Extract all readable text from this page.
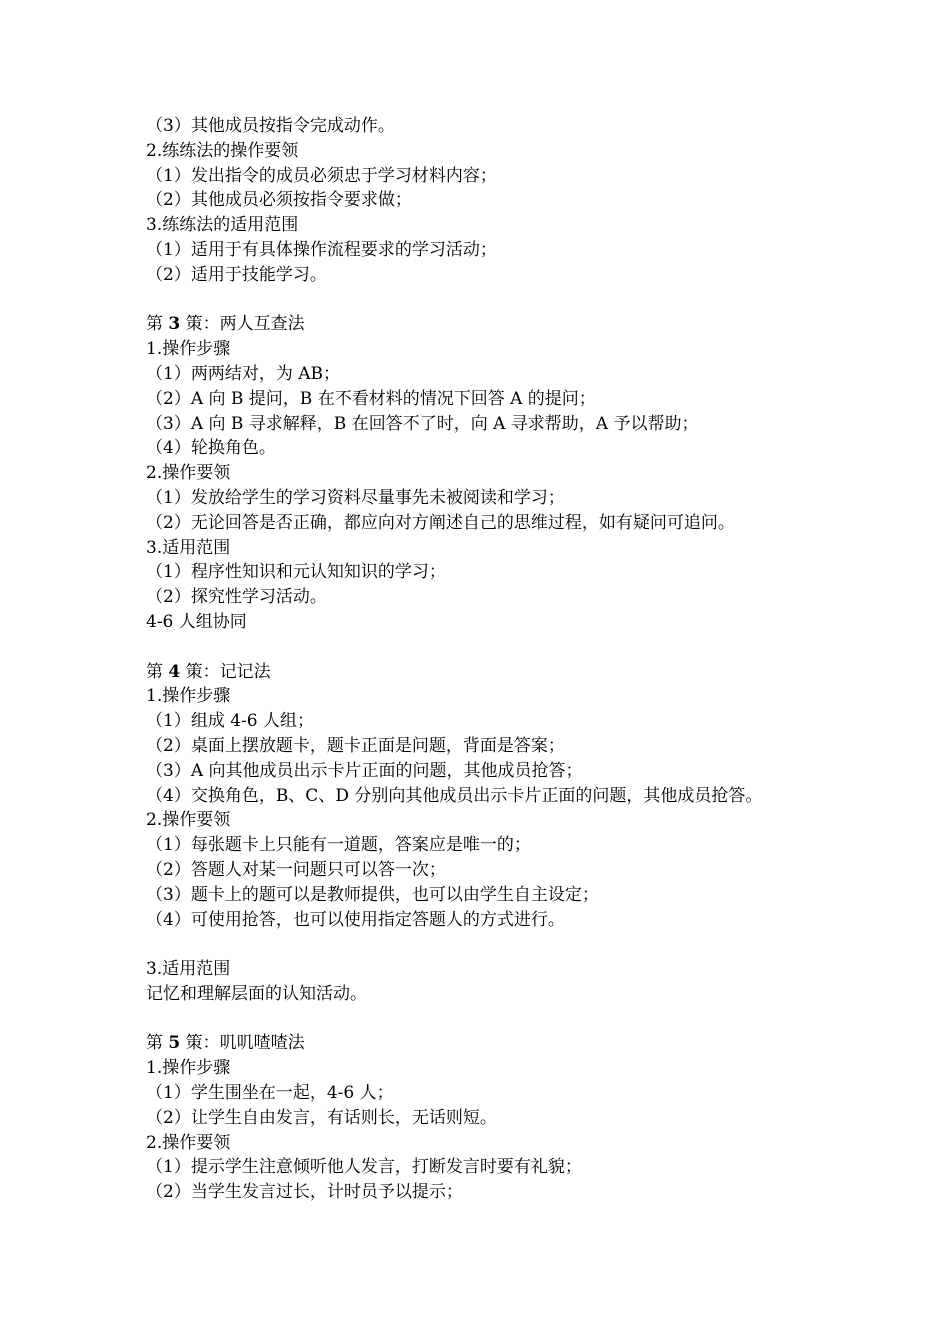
（3）其他成员按指令完成动作。
2.练练法的操作要领
（1）发出指令的成员必须忠于学习材料内容；
（2）其他成员必须按指令要求做；
3.练练法的适用范围
（1）适用于有具体操作流程要求的学习活动；
（2）适用于技能学习。
第 3 策：两人互查法
1.操作步骤
（1）两两结对，为 AB；
（2）A 向 B 提问，B 在不看材料的情况下回答 A 的提问；
（3）A 向 B 寻求解释，B 在回答不了时，向 A 寻求帮助，A 予以帮助；
（4）轮换角色。
2.操作要领
（1）发放给学生的学习资料尽量事先未被阅读和学习；
（2）无论回答是否正确，都应向对方阐述自己的思维过程，如有疑问可追问。
3.适用范围
（1）程序性知识和元认知知识的学习；
（2）探究性学习活动。
4-6 人组协同
第 4 策：记记法
1.操作步骤
（1）组成 4-6 人组；
（2）桌面上摆放题卡，题卡正面是问题，背面是答案；
（3）A 向其他成员出示卡片正面的问题，其他成员抢答；
（4）交换角色，B、C、D 分别向其他成员出示卡片正面的问题，其他成员抢答。
2.操作要领
（1）每张题卡上只能有一道题，答案应是唯一的；
（2）答题人对某一问题只可以答一次；
（3）题卡上的题可以是教师提供，也可以由学生自主设定；
（4）可使用抢答，也可以使用指定答题人的方式进行。
3.适用范围
记忆和理解层面的认知活动。
第 5 策：叽叽喳喳法
1.操作步骤
（1）学生围坐在一起，4-6 人；
（2）让学生自由发言，有话则长，无话则短。
2.操作要领
（1）提示学生注意倾听他人发言，打断发言时要有礼貌；
（2）当学生发言过长，计时员予以提示；
